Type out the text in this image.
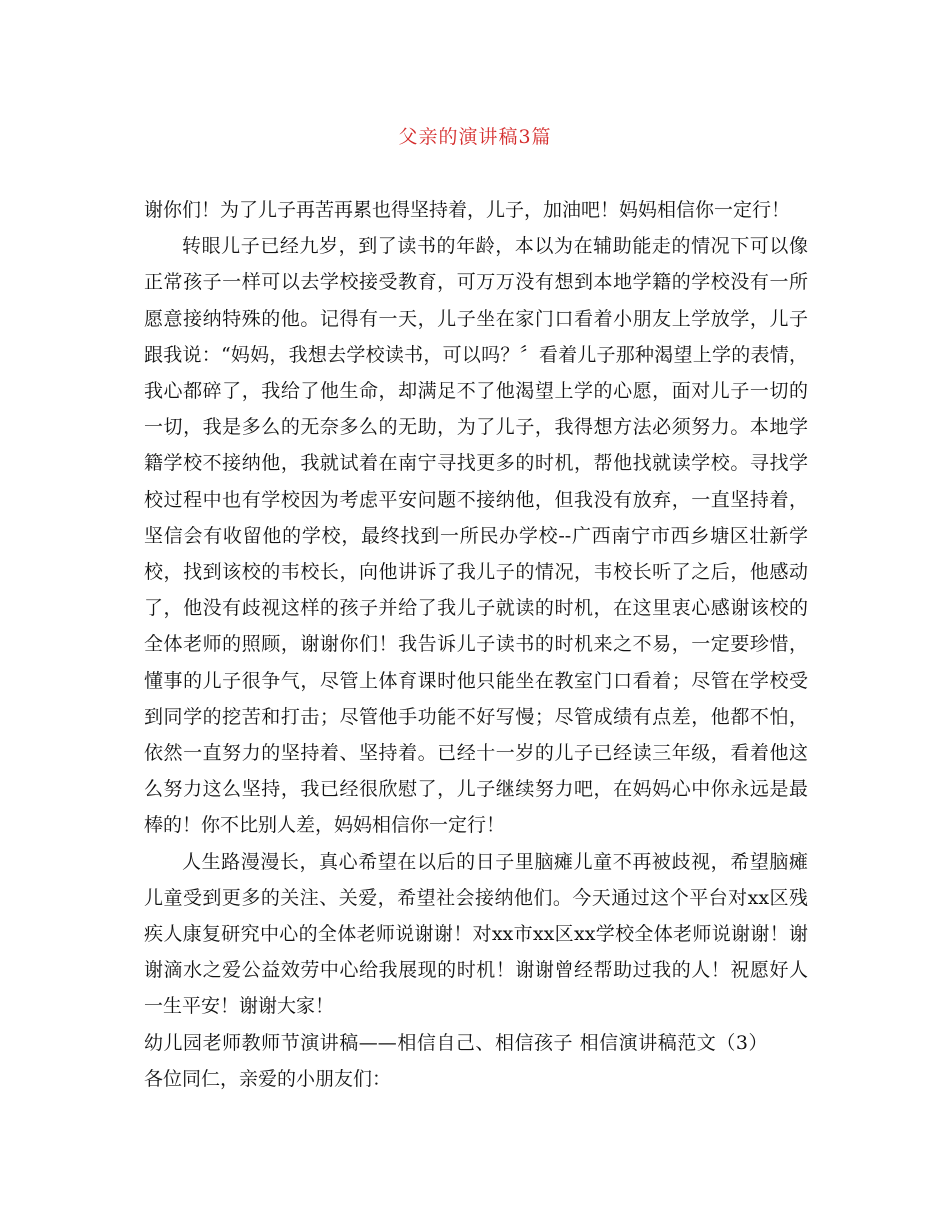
父亲的演讲稿3篇

谢你们！为了儿子再苦再累也得坚持着，儿子，加油吧！妈妈相信你一定行！

转眼儿子已经九岁，到了读书的年龄，本以为在辅助能走的情况下可以像正常孩子一样可以去学校接受教育，可万万没有想到本地学籍的学校没有一所愿意接纳特殊的他。记得有一天，儿子坐在家门口看着小朋友上学放学，儿子跟我说：“妈妈，我想去学校读书，可以吗？〞看着儿子那种渴望上学的表情，我心都碎了，我给了他生命，却满足不了他渴望上学的心愿，面对儿子一切的一切，我是多么的无奈多么的无助，为了儿子，我得想方法必须努力。本地学籍学校不接纳他，我就试着在南宁寻找更多的时机，帮他找就读学校。寻找学校过程中也有学校因为考虑平安问题不接纳他，但我没有放弃，一直坚持着，坚信会有收留他的学校，最终找到一所民办学校--广西南宁市西乡塘区壮新学校，找到该校的韦校长，向他讲诉了我儿子的情况，韦校长听了之后，他感动了，他没有歧视这样的孩子并给了我儿子就读的时机，在这里衷心感谢该校的全体老师的照顾，谢谢你们！我告诉儿子读书的时机来之不易，一定要珍惜，懂事的儿子很争气，尽管上体育课时他只能坐在教室门口看着；尽管在学校受到同学的挖苦和打击；尽管他手功能不好写慢；尽管成绩有点差，他都不怕，依然一直努力的坚持着、坚持着。已经十一岁的儿子已经读三年级，看着他这么努力这么坚持，我已经很欣慰了，儿子继续努力吧，在妈妈心中你永远是最棒的！你不比别人差，妈妈相信你一定行！

人生路漫漫长，真心希望在以后的日子里脑瘫儿童不再被歧视，希望脑瘫儿童受到更多的关注、关爱，希望社会接纳他们。今天通过这个平台对xx区残疾人康复研究中心的全体老师说谢谢！对xx市xx区xx学校全体老师说谢谢！谢谢滴水之爱公益效劳中心给我展现的时机！谢谢曾经帮助过我的人！祝愿好人一生平安！谢谢大家！

幼儿园老师教师节演讲稿——相信自己、相信孩子 相信演讲稿范文（3）各位同仁，亲爱的小朋友们：
